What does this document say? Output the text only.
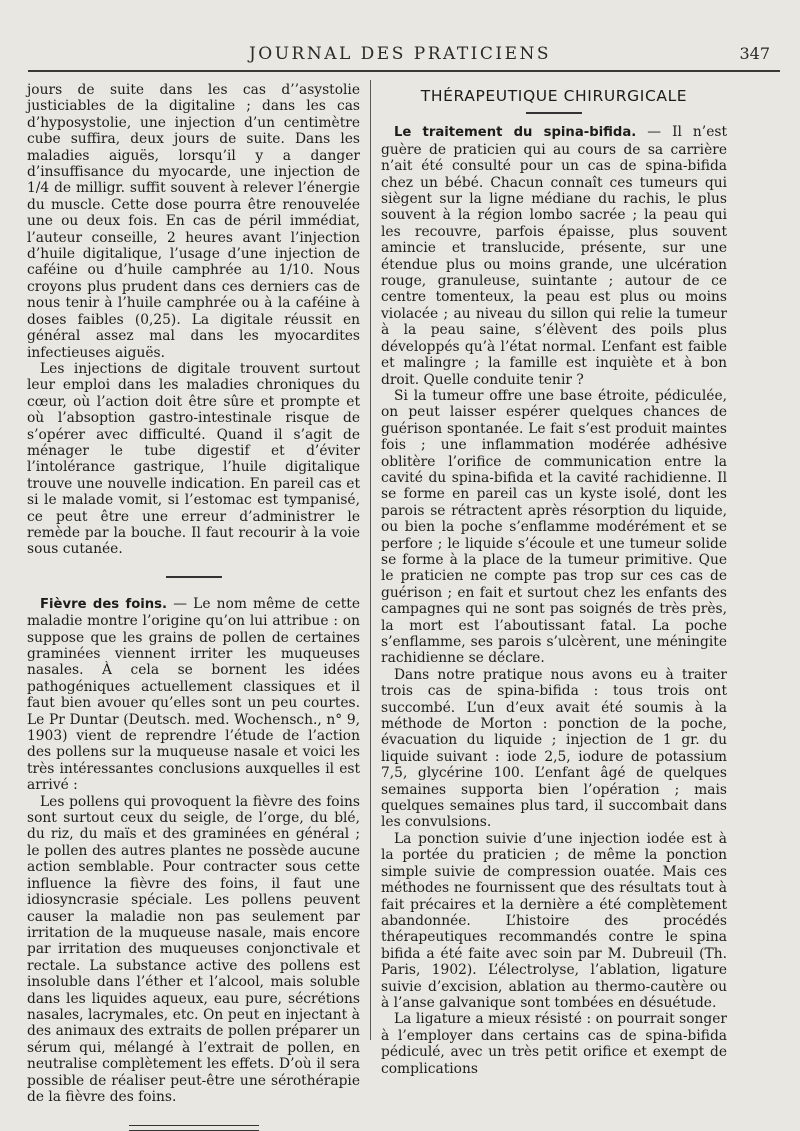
JOURNAL DES PRATICIENS	347

jours de suite dans les cas d’’asystolie justiciables de la digitaline ; dans les cas d’hyposystolie, une injection d’un centimètre cube suffira, deux jours de suite. Dans les maladies aiguës, lorsqu’il y a danger d’insuffisance du myocarde, une injection de 1/4 de milligr. suffit souvent à relever l’énergie du muscle. Cette dose pourra être renouvelée une ou deux fois. En cas de péril immédiat, l’auteur conseille, 2 heures avant l’injection d’huile digitalique, l’usage d’une injection de caféine ou d’huile camphrée au 1/10. Nous croyons plus prudent dans ces derniers cas de nous tenir à l’huile camphrée ou à la caféine à doses faibles (0,25). La digitale réussit en général assez mal dans les myocardites infectieuses aiguës.

Les injections de digitale trouvent surtout leur emploi dans les maladies chroniques du cœur, où l’action doit être sûre et prompte et où l’absoption gastro-intestinale risque de s’opérer avec difficulté. Quand il s’agit de ménager le tube digestif et d’éviter l’intolérance gastrique, l’huile digitalique trouve une nouvelle indication. En pareil cas et si le malade vomit, si l’estomac est tympanisé, ce peut être une erreur d’administrer le remède par la bouche. Il faut recourir à la voie sous cutanée.

Fièvre des foins. — Le nom même de cette maladie montre l’origine qu’on lui attribue : on suppose que les grains de pollen de certaines graminées viennent irriter les muqueuses nasales. À cela se bornent les idées pathogéniques actuellement classiques et il faut bien avouer qu’elles sont un peu courtes. Le Pr Duntar (Deutsch. med. Wochensch., n° 9, 1903) vient de reprendre l’étude de l’action des pollens sur la muqueuse nasale et voici les très intéressantes conclusions auxquelles il est arrivé :

Les pollens qui provoquent la fièvre des foins sont surtout ceux du seigle, de l’orge, du blé, du riz, du maïs et des graminées en général ; le pollen des autres plantes ne possède aucune action semblable. Pour contracter sous cette influence la fièvre des foins, il faut une idiosyncrasie spéciale. Les pollens peuvent causer la maladie non pas seulement par irritation de la muqueuse nasale, mais encore par irritation des muqueuses conjonctivale et rectale. La substance active des pollens est insoluble dans l’éther et l’alcool, mais soluble dans les liquides aqueux, eau pure, sécrétions nasales, lacrymales, etc. On peut en injectant à des animaux des extraits de pollen préparer un sérum qui, mélangé à l’extrait de pollen, en neutralise complètement les effets. D’où il sera possible de réaliser peut-être une sérothérapie de la fièvre des foins.

THÉRAPEUTIQUE CHIRURGICALE

Le traitement du spina-bifida. — Il n’est guère de praticien qui au cours de sa carrière n’ait été consulté pour un cas de spina-bifida chez un bébé. Chacun connaît ces tumeurs qui siègent sur la ligne médiane du rachis, le plus souvent à la région lombo sacrée ; la peau qui les recouvre, parfois épaisse, plus souvent amincie et translucide, présente, sur une étendue plus ou moins grande, une ulcération rouge, granuleuse, suintante ; autour de ce centre tomenteux, la peau est plus ou moins violacée ; au niveau du sillon qui relie la tumeur à la peau saine, s’élèvent des poils plus développés qu’à l’état normal. L’enfant est faible et malingre ; la famille est inquiète et à bon droit. Quelle conduite tenir ?

Si la tumeur offre une base étroite, pédiculée, on peut laisser espérer quelques chances de guérison spontanée. Le fait s’est produit maintes fois ; une inflammation modérée adhésive oblitère l’orifice de communication entre la cavité du spina-bifida et la cavité rachidienne. Il se forme en pareil cas un kyste isolé, dont les parois se rétractent après résorption du liquide, ou bien la poche s’enflamme modérément et se perfore ; le liquide s’écoule et une tumeur solide se forme à la place de la tumeur primitive. Que le praticien ne compte pas trop sur ces cas de guérison ; en fait et surtout chez les enfants des campagnes qui ne sont pas soignés de très près, la mort est l’aboutissant fatal. La poche s’enflamme, ses parois s’ulcèrent, une méningite rachidienne se déclare.

Dans notre pratique nous avons eu à traiter trois cas de spina-bifida : tous trois ont succombé. L’un d’eux avait été soumis à la méthode de Morton : ponction de la poche, évacuation du liquide ; injection de 1 gr. du liquide suivant : iode 2,5, iodure de potassium 7,5, glycérine 100. L’enfant âgé de quelques semaines supporta bien l’opération ; mais quelques semaines plus tard, il succombait dans les convulsions.

La ponction suivie d’une injection iodée est à la portée du praticien ; de même la ponction simple suivie de compression ouatée. Mais ces méthodes ne fournissent que des résultats tout à fait précaires et la dernière a été complètement abandonnée. L’histoire des procédés thérapeutiques recommandés contre le spina bifida a été faite avec soin par M. Dubreuil (Th. Paris, 1902). L’électrolyse, l’ablation, ligature suivie d’excision, ablation au thermo-cautère ou à l’anse galvanique sont tombées en désuétude.

La ligature a mieux résisté : on pourrait songer à l’employer dans certains cas de spina-bifida pédiculé, avec un très petit orifice et exempt de complications
